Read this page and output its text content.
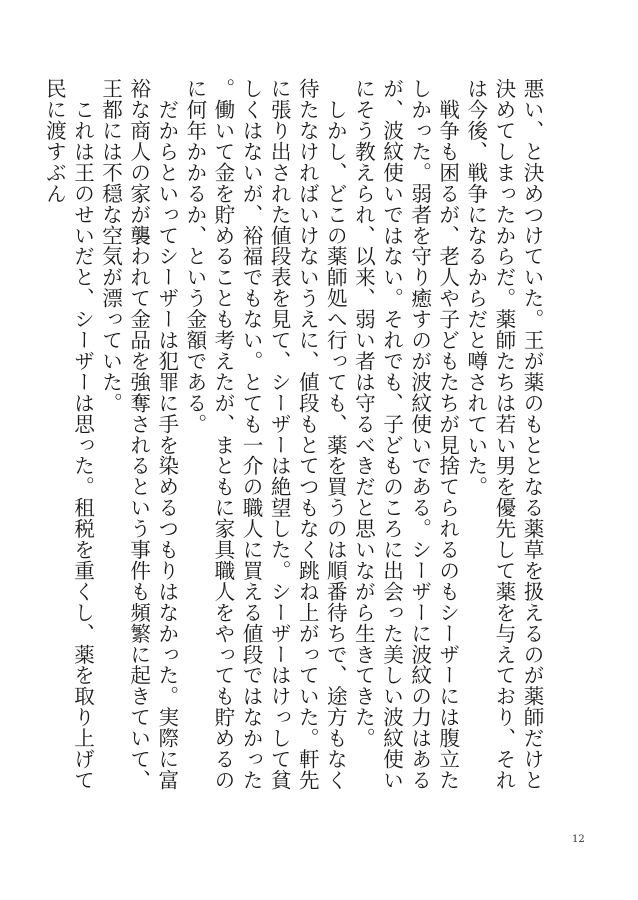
悪い、と決めつけていた。王が薬のもととなる薬草を扱えるのが薬師だけと決めてしまったからだ。薬師たちは若い男を優先して薬を与えており、それは今後、戦争になるからだと噂されていた。

　戦争も困るが、老人や子どもたちが見捨てられるのもシーザーには腹立たしかった。弱者を守り癒すのが波紋使いである。シーザーに波紋の力はあるが、波紋使いではない。それでも、子どものころに出会った美しい波紋使いにそう教えられ、以来、弱い者は守るべきだと思いながら生きてきた。

　しかし、どこの薬師処へ行っても、薬を買うのは順番待ちで、途方もなく待たなければいけないうえに、値段もとてつもなく跳ね上がっていた。軒先に張り出された値段表を見て、シーザーは絶望した。シーザーはけっして貧しくはないが、裕福でもない。とても一介の職人に買える値段ではなかった。働いて金を貯めることも考えたが、まともに家具職人をやっても貯めるのに何年かかるか、という金額である。

　だからといってシーザーは犯罪に手を染めるつもりはなかった。実際に富裕な商人の家が襲われて金品を強奪されるという事件も頻繁に起きていて、王都には不穏な空気が漂っていた。

　これは王のせいだと、シーザーは思った。租税を重くし、薬を取り上げて民に渡すぶん

12
